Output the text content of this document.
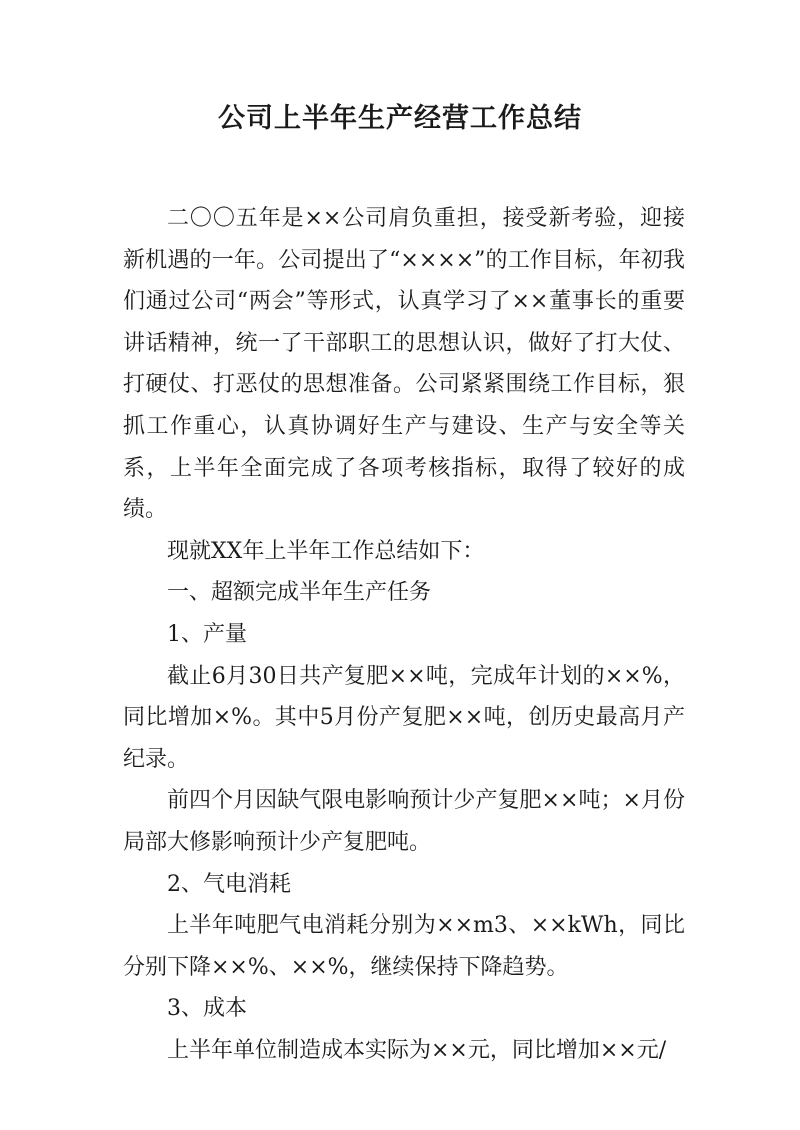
公司上半年生产经营工作总结

二〇〇五年是××公司肩负重担，接受新考验，迎接新机遇的一年。公司提出了“××××”的工作目标，年初我们通过公司“两会”等形式，认真学习了××董事长的重要讲话精神，统一了干部职工的思想认识，做好了打大仗、打硬仗、打恶仗的思想准备。公司紧紧围绕工作目标，狠抓工作重心，认真协调好生产与建设、生产与安全等关系，上半年全面完成了各项考核指标，取得了较好的成绩。

现就XX年上半年工作总结如下：

一、超额完成半年生产任务

1、产量

截止6月30日共产复肥××吨，完成年计划的××%，同比增加×%。其中5月份产复肥××吨，创历史最高月产纪录。

前四个月因缺气限电影响预计少产复肥××吨；×月份局部大修影响预计少产复肥吨。

2、气电消耗

上半年吨肥气电消耗分别为××m3、××kWh，同比分别下降××%、××%，继续保持下降趋势。

3、成本

上半年单位制造成本实际为××元，同比增加××元/
